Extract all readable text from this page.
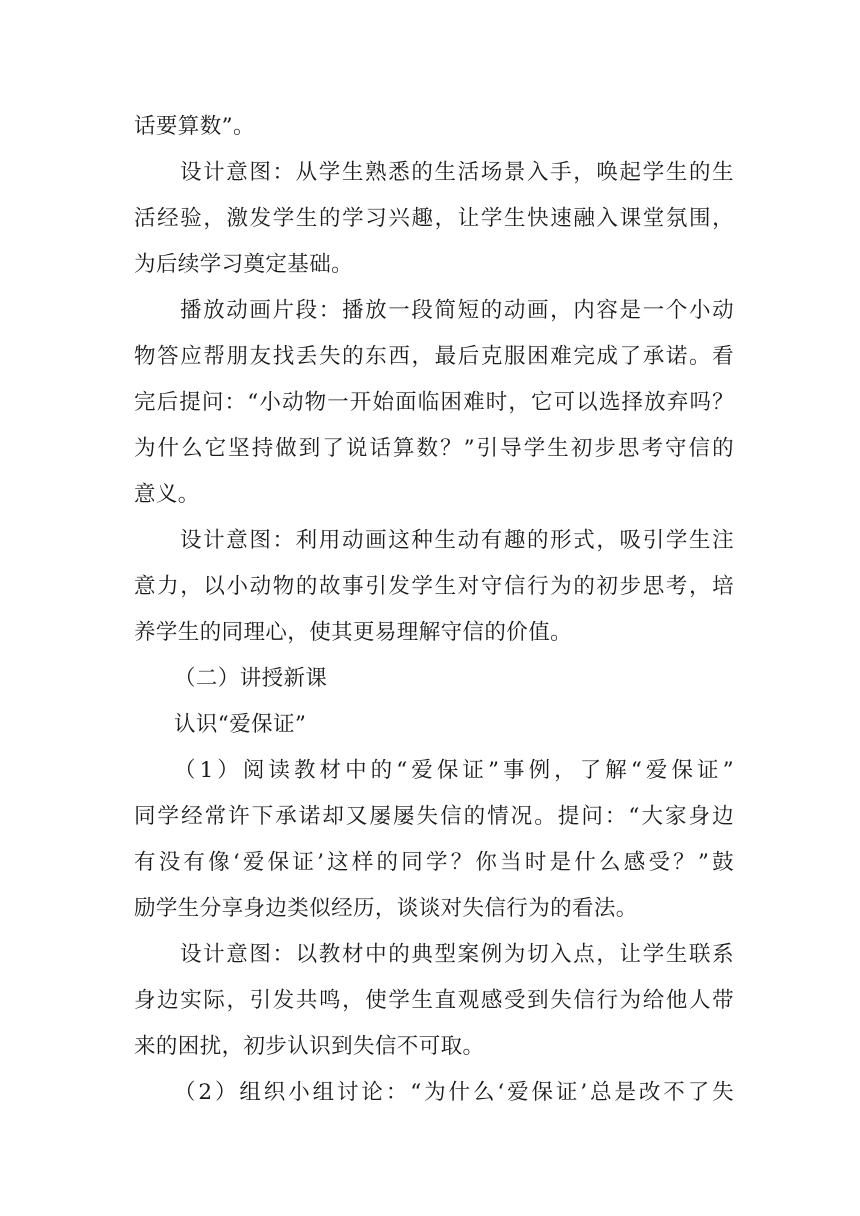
话要算数”。
设计意图：从学生熟悉的生活场景入手，唤起学生的生
活经验，激发学生的学习兴趣，让学生快速融入课堂氛围，
为后续学习奠定基础。
播放动画片段：播放一段简短的动画，内容是一个小动
物答应帮朋友找丢失的东西，最后克服困难完成了承诺。看
完后提问：“小动物一开始面临困难时，它可以选择放弃吗？
为什么它坚持做到了说话算数？”引导学生初步思考守信的
意义。
设计意图：利用动画这种生动有趣的形式，吸引学生注
意力，以小动物的故事引发学生对守信行为的初步思考，培
养学生的同理心，使其更易理解守信的价值。
（二）讲授新课
认识“爱保证”
（1）阅读教材中的“爱保证”事例，了解“爱保证”
同学经常许下承诺却又屡屡失信的情况。提问：“大家身边
有没有像‘爱保证’这样的同学？你当时是什么感受？”鼓
励学生分享身边类似经历，谈谈对失信行为的看法。
设计意图：以教材中的典型案例为切入点，让学生联系
身边实际，引发共鸣，使学生直观感受到失信行为给他人带
来的困扰，初步认识到失信不可取。
（2）组织小组讨论：“为什么‘爱保证’总是改不了失
